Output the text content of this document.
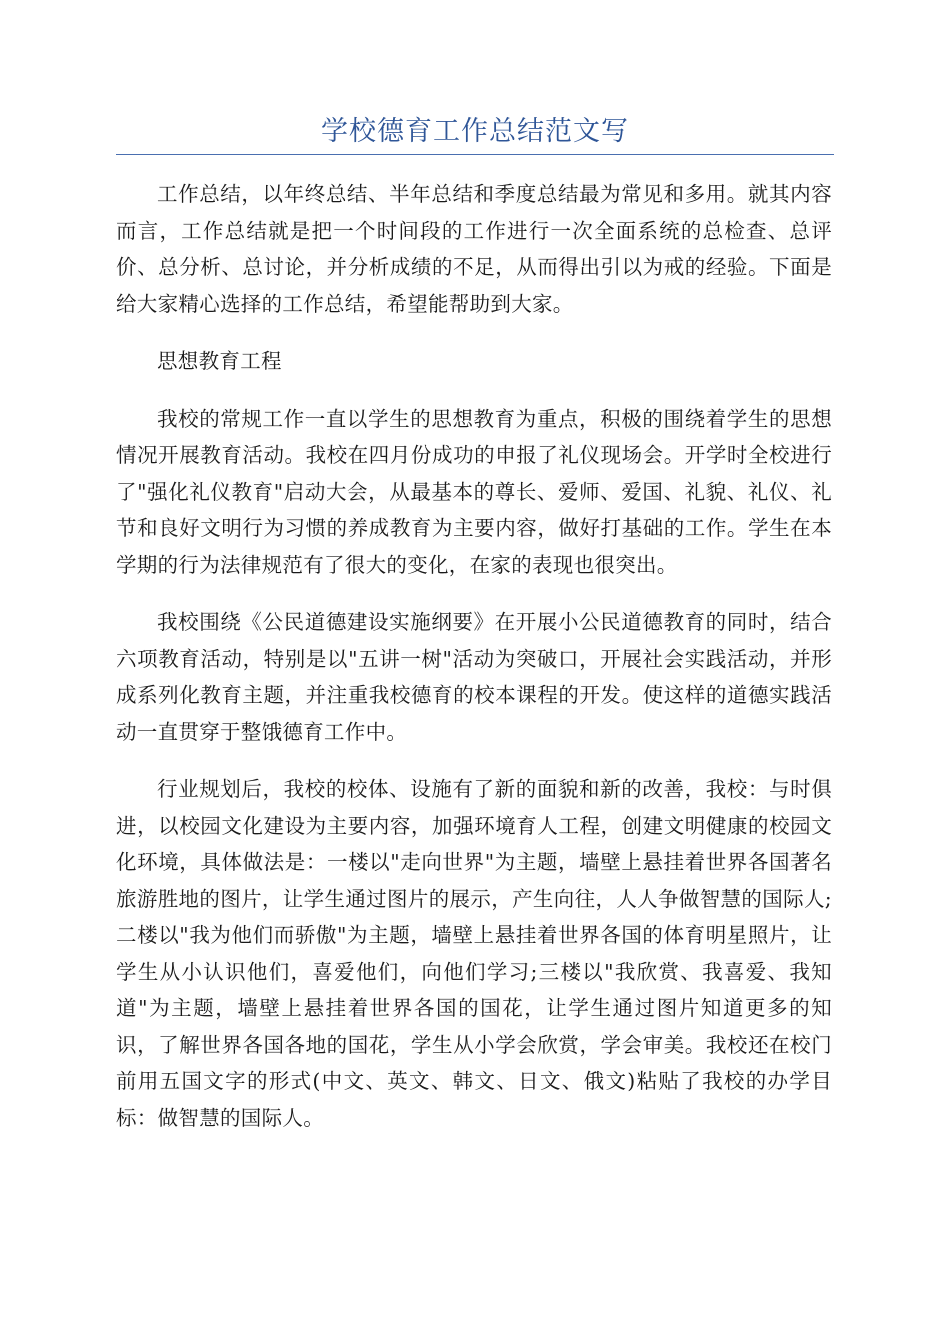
学校德育工作总结范文写

工作总结，以年终总结、半年总结和季度总结最为常见和多用。就其内容而言，工作总结就是把一个时间段的工作进行一次全面系统的总检查、总评价、总分析、总讨论，并分析成绩的不足，从而得出引以为戒的经验。下面是给大家精心选择的工作总结，希望能帮助到大家。

思想教育工程

我校的常规工作一直以学生的思想教育为重点，积极的围绕着学生的思想情况开展教育活动。我校在四月份成功的申报了礼仪现场会。开学时全校进行了"强化礼仪教育"启动大会，从最基本的尊长、爱师、爱国、礼貌、礼仪、礼节和良好文明行为习惯的养成教育为主要内容，做好打基础的工作。学生在本学期的行为法律规范有了很大的变化，在家的表现也很突出。

我校围绕《公民道德建设实施纲要》在开展小公民道德教育的同时，结合六项教育活动，特别是以"五讲一树"活动为突破口，开展社会实践活动，并形成系列化教育主题，并注重我校德育的校本课程的开发。使这样的道德实践活动一直贯穿于整饿德育工作中。

行业规划后，我校的校体、设施有了新的面貌和新的改善，我校：与时俱进，以校园文化建设为主要内容，加强环境育人工程，创建文明健康的校园文化环境，具体做法是：一楼以"走向世界"为主题，墙壁上悬挂着世界各国著名旅游胜地的图片，让学生通过图片的展示，产生向往，人人争做智慧的国际人;二楼以"我为他们而骄傲"为主题，墙壁上悬挂着世界各国的体育明星照片，让学生从小认识他们，喜爱他们，向他们学习;三楼以"我欣赏、我喜爱、我知道"为主题，墙壁上悬挂着世界各国的国花，让学生通过图片知道更多的知识，了解世界各国各地的国花，学生从小学会欣赏，学会审美。我校还在校门前用五国文字的形式(中文、英文、韩文、日文、俄文)粘贴了我校的办学目标：做智慧的国际人。
